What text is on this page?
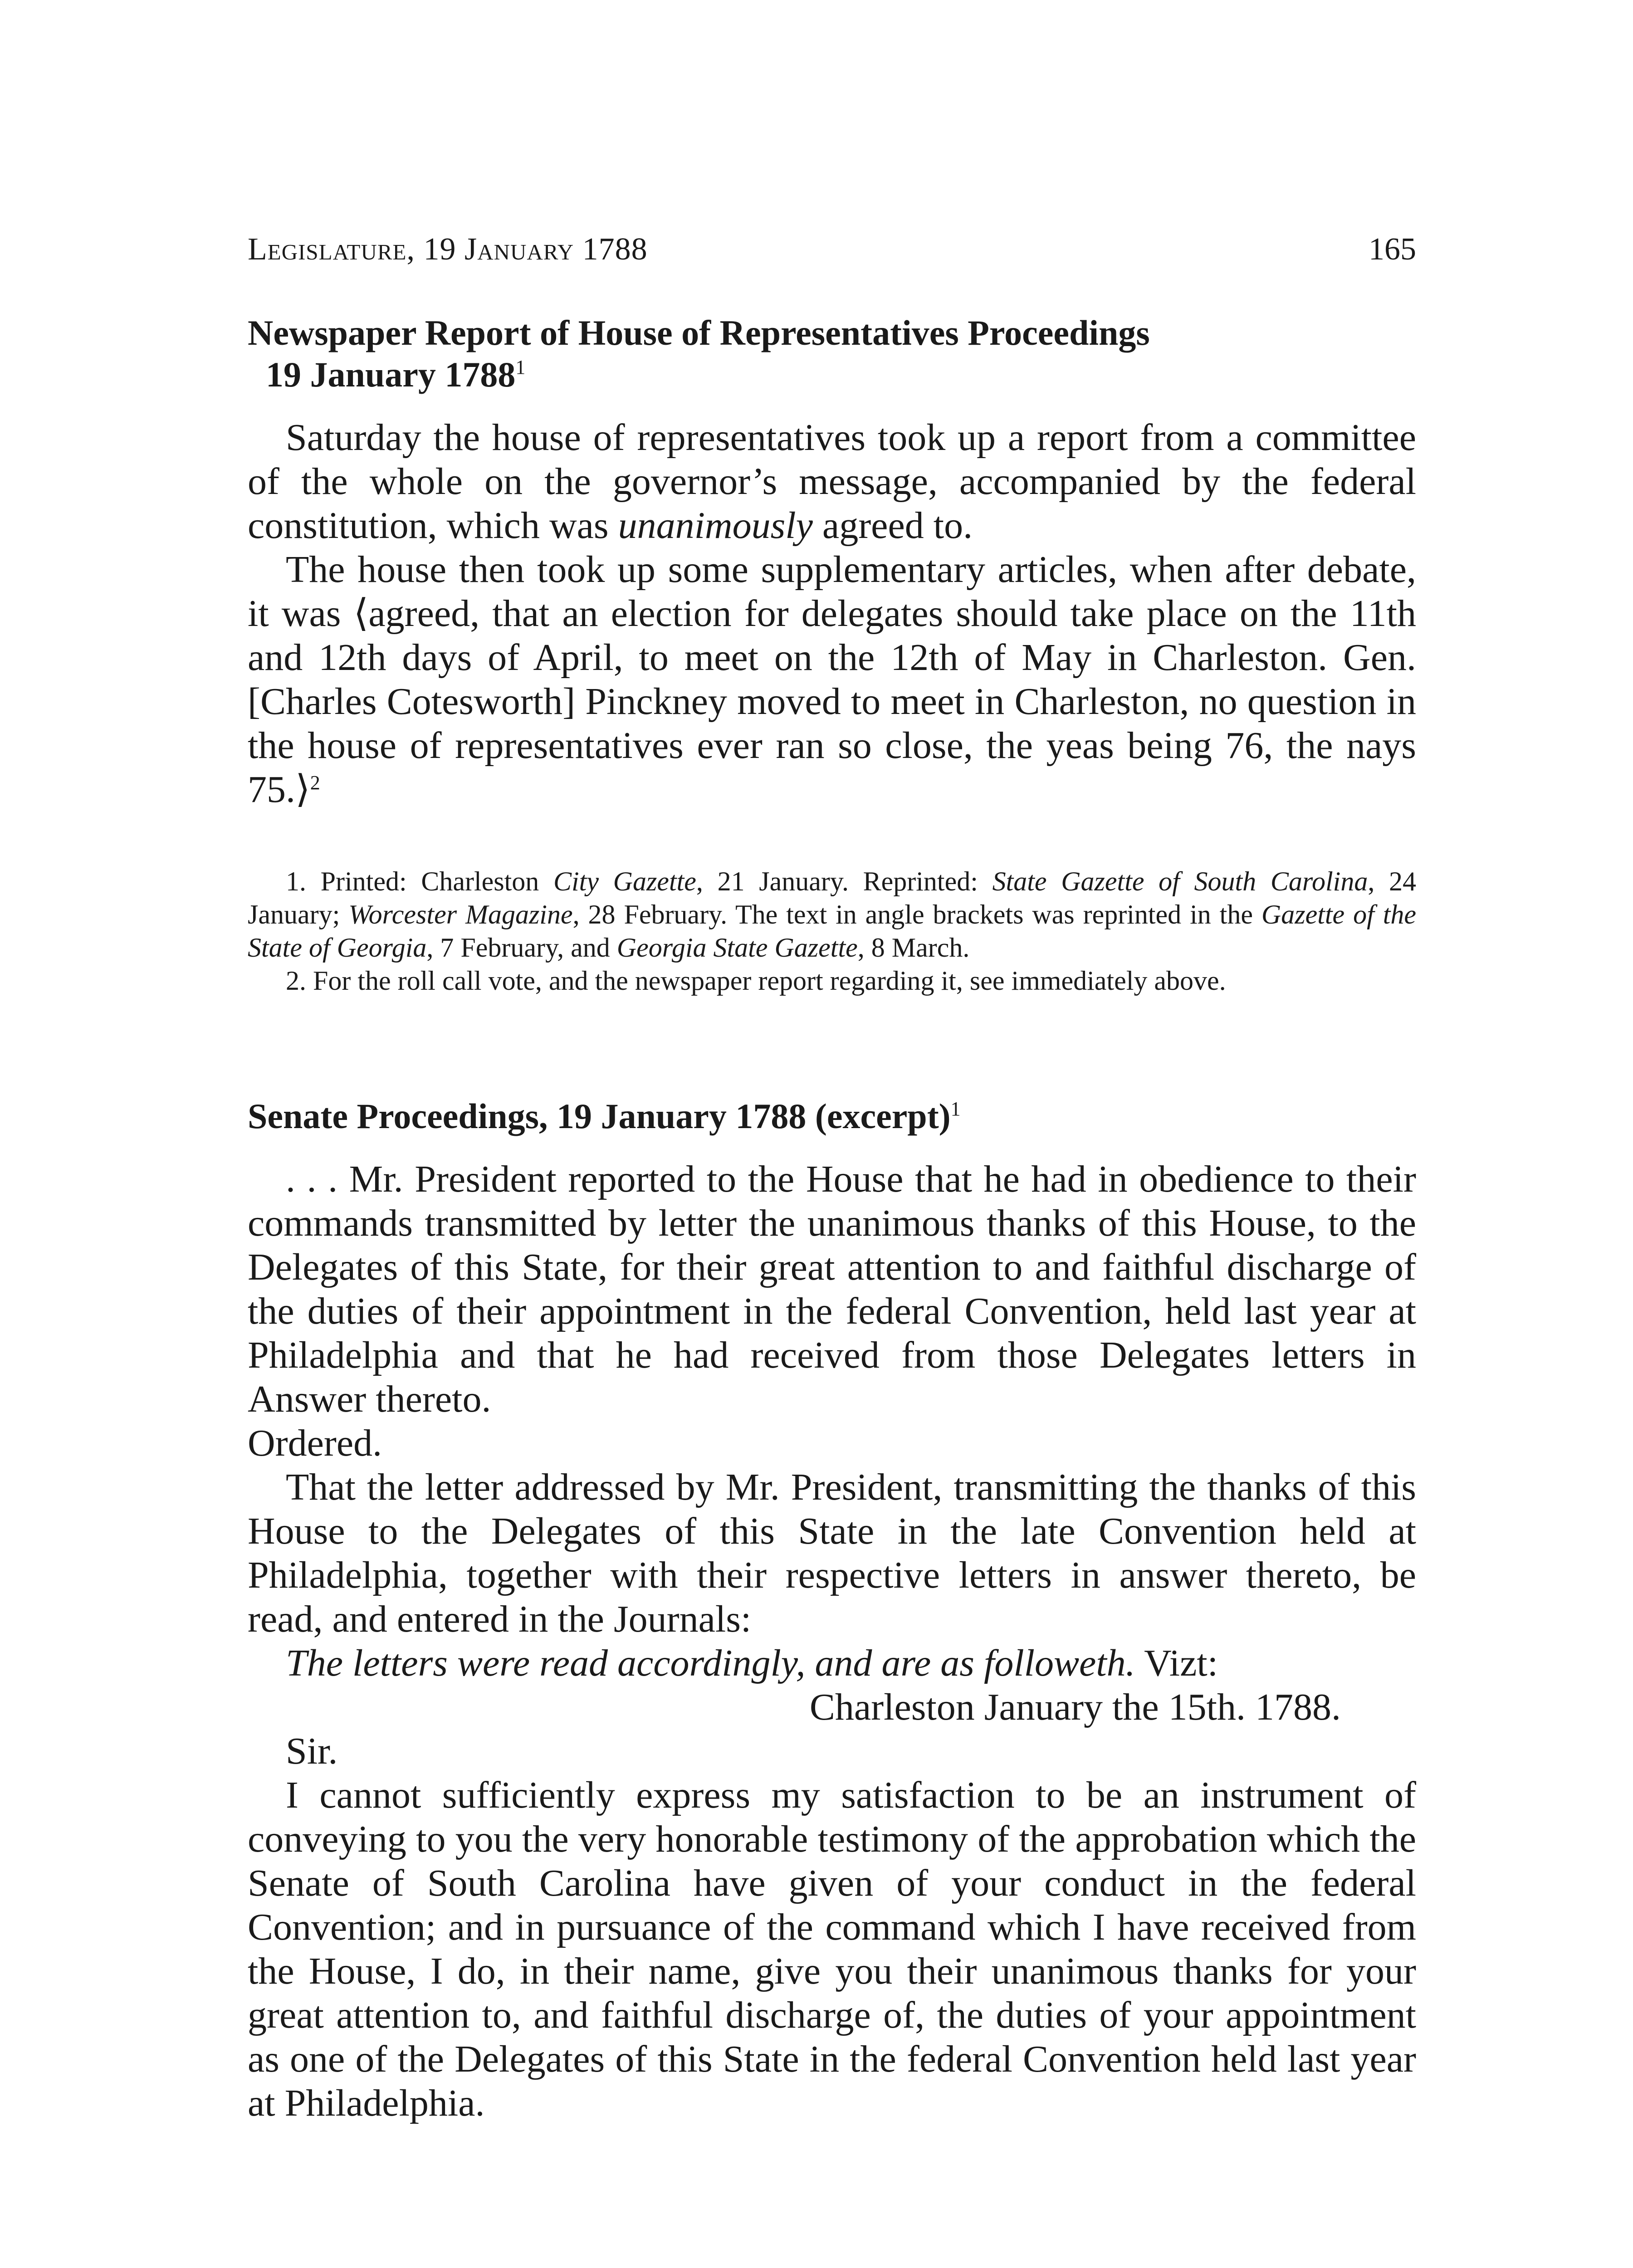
Legislature, 19 January 1788	165
Newspaper Report of House of Representatives Proceedings
19 January 1788$^1$

Saturday the house of representatives took up a report from a committee of the whole on the governor’s message, accompanied by the federal constitution, which was unanimously agreed to.

The house then took up some supplementary articles, when after debate, it was ⟨agreed, that an election for delegates should take place on the 11th and 12th days of April, to meet on the 12th of May in Charleston. Gen. [Charles Cotesworth] Pinckney moved to meet in Charleston, no question in the house of representatives ever ran so close, the yeas being 76, the nays 75.⟩$^2$

1. Printed: Charleston City Gazette, 21 January. Reprinted: State Gazette of South Carolina, 24 January; Worcester Magazine, 28 February. The text in angle brackets was reprinted in the Gazette of the State of Georgia, 7 February, and Georgia State Gazette, 8 March.

2. For the roll call vote, and the newspaper report regarding it, see immediately above.

Senate Proceedings, 19 January 1788 (excerpt)$^1$

. . . Mr. President reported to the House that he had in obedience to their commands transmitted by letter the unanimous thanks of this House, to the Delegates of this State, for their great attention to and faithful discharge of the duties of their appointment in the federal Convention, held last year at Philadelphia and that he had received from those Delegates letters in Answer thereto.

Ordered.

That the letter addressed by Mr. President, transmitting the thanks of this House to the Delegates of this State in the late Convention held at Philadelphia, together with their respective letters in answer thereto, be read, and entered in the Journals:

The letters were read accordingly, and are as followeth. Vizt:

Charleston January the 15th. 1788.

Sir.

I cannot sufficiently express my satisfaction to be an instrument of conveying to you the very honorable testimony of the approbation which the Senate of South Carolina have given of your conduct in the federal Convention; and in pursuance of the command which I have received from the House, I do, in their name, give you their unanimous thanks for your great attention to, and faithful discharge of, the duties of your appointment as one of the Delegates of this State in the federal Convention held last year at Philadelphia.
